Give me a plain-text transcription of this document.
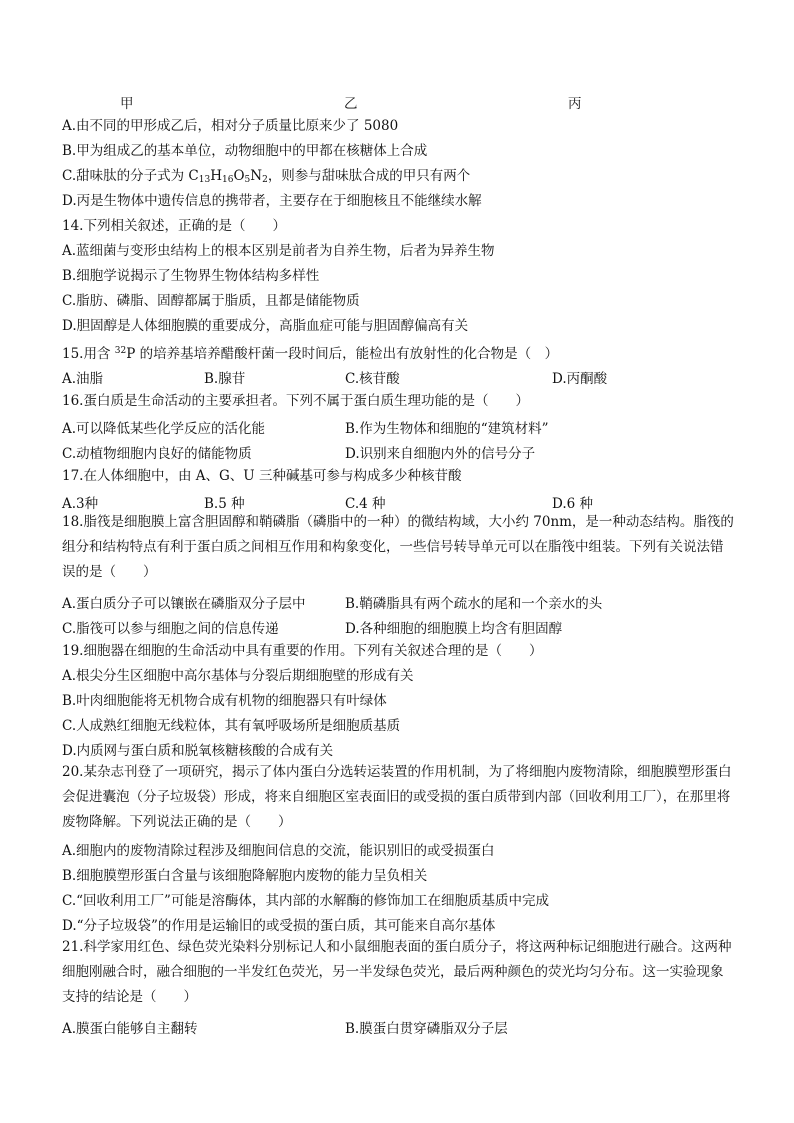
甲	乙	丙
A.由不同的甲形成乙后，相对分子质量比原来少了 5080
B.甲为组成乙的基本单位，动物细胞中的甲都在核糖体上合成
C.甜味肽的分子式为 $C_{13}H_{16}O_5N_2$，则参与甜味肽合成的甲只有两个
D.丙是生物体中遗传信息的携带者，主要存在于细胞核且不能继续水解
14.下列相关叙述，正确的是（　　）
A.蓝细菌与变形虫结构上的根本区别是前者为自养生物，后者为异养生物
B.细胞学说揭示了生物界生物体结构多样性
C.脂肪、磷脂、固醇都属于脂质，且都是储能物质
D.胆固醇是人体细胞膜的重要成分，高脂血症可能与胆固醇偏高有关
15.用含 $^{32}$P 的培养基培养醋酸杆菌一段时间后，能检出有放射性的化合物是（　）
A.油脂	B.腺苷	C.核苷酸	D.丙酮酸
16.蛋白质是生命活动的主要承担者。下列不属于蛋白质生理功能的是（　　）
A.可以降低某些化学反应的活化能	B.作为生物体和细胞的“建筑材料”
C.动植物细胞内良好的储能物质	D.识别来自细胞内外的信号分子
17.在人体细胞中，由 A、G、U 三种碱基可参与构成多少种核苷酸
A.3种	B.5 种	C.4 种	D.6 种
18.脂筏是细胞膜上富含胆固醇和鞘磷脂（磷脂中的一种）的微结构域，大小约 70nm，是一种动态结构。脂筏的组分和结构特点有利于蛋白质之间相互作用和构象变化，一些信号转导单元可以在脂筏中组装。下列有关说法错误的是（　　）
A.蛋白质分子可以镶嵌在磷脂双分子层中	B.鞘磷脂具有两个疏水的尾和一个亲水的头
C.脂筏可以参与细胞之间的信息传递	D.各种细胞的细胞膜上均含有胆固醇
19.细胞器在细胞的生命活动中具有重要的作用。下列有关叙述合理的是（　　）
A.根尖分生区细胞中高尔基体与分裂后期细胞壁的形成有关
B.叶肉细胞能将无机物合成有机物的细胞器只有叶绿体
C.人成熟红细胞无线粒体，其有氧呼吸场所是细胞质基质
D.内质网与蛋白质和脱氧核糖核酸的合成有关
20.某杂志刊登了一项研究，揭示了体内蛋白分选转运装置的作用机制，为了将细胞内废物清除，细胞膜塑形蛋白会促进囊泡（分子垃圾袋）形成，将来自细胞区室表面旧的或受损的蛋白质带到内部（回收利用工厂），在那里将废物降解。下列说法正确的是（　　）
A.细胞内的废物清除过程涉及细胞间信息的交流，能识别旧的或受损蛋白
B.细胞膜塑形蛋白含量与该细胞降解胞内废物的能力呈负相关
C.“回收利用工厂”可能是溶酶体，其内部的水解酶的修饰加工在细胞质基质中完成
D.“分子垃圾袋”的作用是运输旧的或受损的蛋白质，其可能来自高尔基体
21.科学家用红色、绿色荧光染料分别标记人和小鼠细胞表面的蛋白质分子，将这两种标记细胞进行融合。这两种细胞刚融合时，融合细胞的一半发红色荧光，另一半发绿色荧光，最后两种颜色的荧光均匀分布。这一实验现象支持的结论是（　　）
A.膜蛋白能够自主翻转	B.膜蛋白贯穿磷脂双分子层
